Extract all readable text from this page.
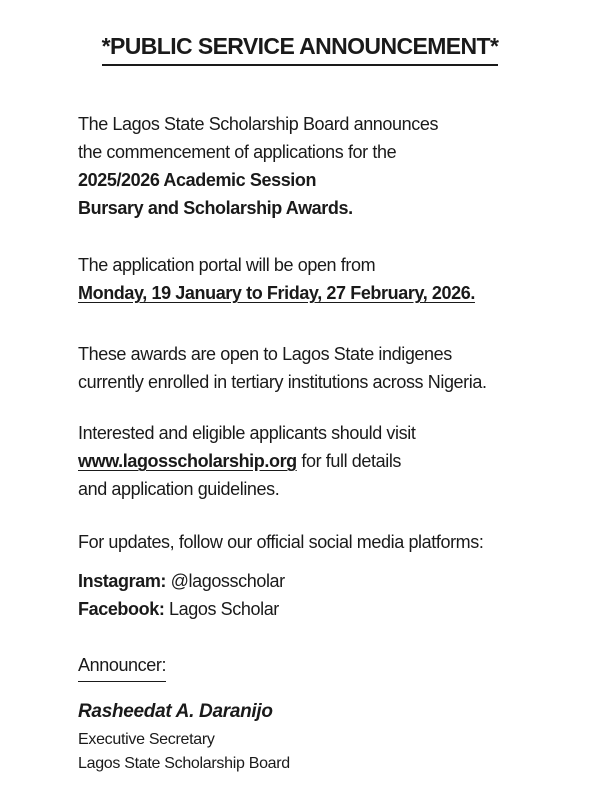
*PUBLIC SERVICE ANNOUNCEMENT*

The Lagos State Scholarship Board announces
the commencement of applications for the
2025/2026 Academic Session
Bursary and Scholarship Awards.

The application portal will be open from
Monday, 19 January to Friday, 27 February, 2026.

These awards are open to Lagos State indigenes
currently enrolled in tertiary institutions across Nigeria.

Interested and eligible applicants should visit
www.lagosscholarship.org for full details
and application guidelines.

For updates, follow our official social media platforms:

Instagram: @lagosscholar
Facebook: Lagos Scholar

Announcer:

Rasheedat A. Daranijo

Executive Secretary
Lagos State Scholarship Board
